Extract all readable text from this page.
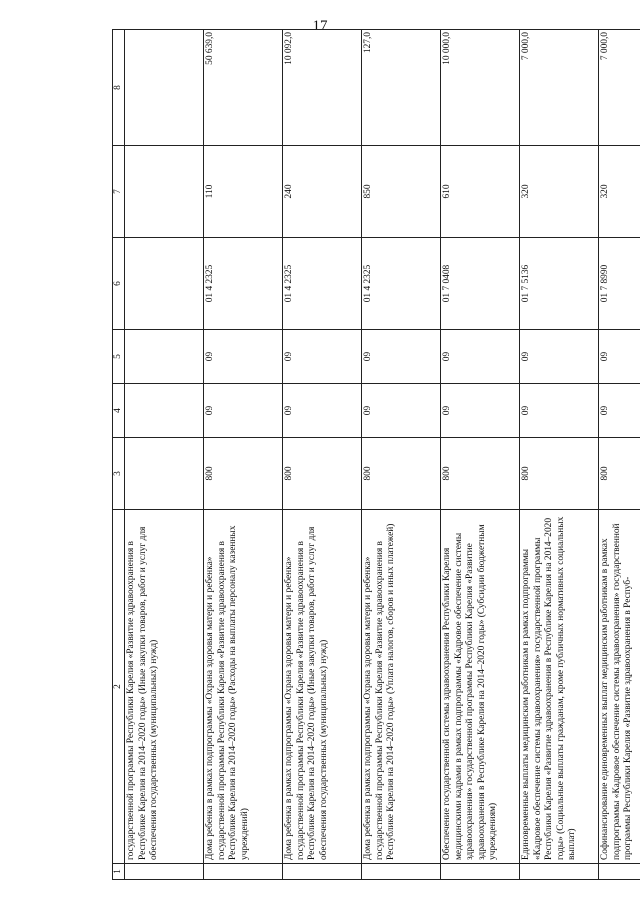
17
1	2	3	4	5	6	7	8
	государственной программы Республики Карелия «Развитие здравоохранения в Республике Карелия на 2014–2020 годы» (Иные закупки товаров, работ и услуг для обеспечения государственных (муниципальных) нужд)						
	Дома ребенка в рамках подпрограммы «Охрана здоровья матери и ребенка» государственной программы Республики Карелия «Развитие здравоохранения в Республике Карелия на 2014–2020 годы» (Расходы на выплаты персоналу казенных учреждений)	800	09	09	01 4 2325	110	50 639,0
	Дома ребенка в рамках подпрограммы «Охрана здоровья матери и ребенка» государственной программы Республики Карелия «Развитие здравоохранения в Республике Карелия на 2014–2020 годы» (Иные закупки товаров, работ и услуг для обеспечения государственных (муниципальных) нужд)	800	09	09	01 4 2325	240	10 092,0
	Дома ребенка в рамках подпрограммы «Охрана здоровья матери и ребенка» государственной программы Республики Карелия «Развитие здравоохранения в Республике Карелия на 2014–2020 годы» (Уплата налогов, сборов и иных платежей)	800	09	09	01 4 2325	850	127,0
	Обеспечение государственной системы здравоохранения Республики Карелия медицинскими кадрами в рамках подпрограммы «Кадровое обеспечение системы здравоохранения» государственной программы Республики Карелия «Развитие здравоохранения в Республике Карелия на 2014–2020 годы» (Субсидии бюджетным учреждениям)	800	09	09	01 7 0408	610	10 000,0
	Единовременные выплаты медицинским работникам в рамках подпрограммы «Кадровое обеспечение системы здравоохранения» государственной программы Республики Карелия «Развитие здравоохранения в Республике Карелия на 2014–2020 годы» (Социальные выплаты гражданам, кроме публичных нормативных социальных выплат)	800	09	09	01 7 5136	320	7 000,0
	Софинансирование единовременных выплат медицинским работникам в рамках подпрограммы «Кадровое обеспечение системы здравоохранения» государственной программы Республики Карелия «Развитие здравоохранения в Респуб-	800	09	09	01 7 8990	320	7 000,0
